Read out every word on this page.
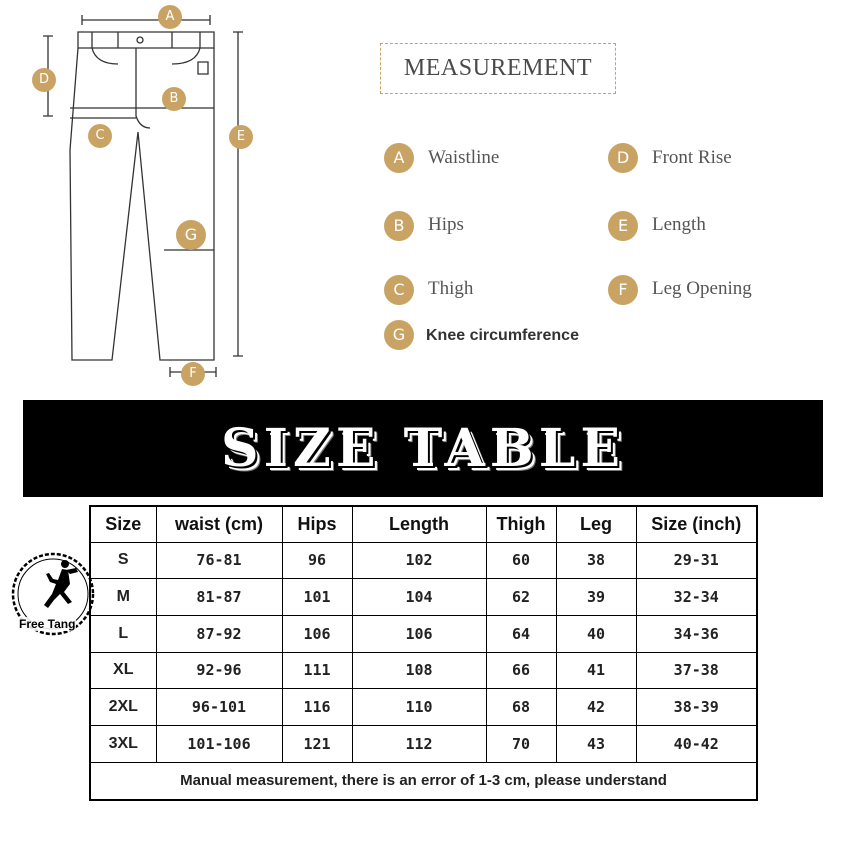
A
B
C
D
E
F
G
MEASUREMENT
A	Waistline	D	Front Rise
B	Hips	E	Length
C	Thigh	F	Leg Opening
G	Knee circumference
SIZE TABLE
Size	waist (cm)	Hips	Length	Thigh	Leg	Size (inch)
S	76-81	96	102	60	38	29-31
M	81-87	101	104	62	39	32-34
L	87-92	106	106	64	40	34-36
XL	92-96	111	108	66	41	37-38
2XL	96-101	116	110	68	42	38-39
3XL	101-106	121	112	70	43	40-42
Manual measurement, there is an error of 1-3 cm, please understand						
Free Tang
